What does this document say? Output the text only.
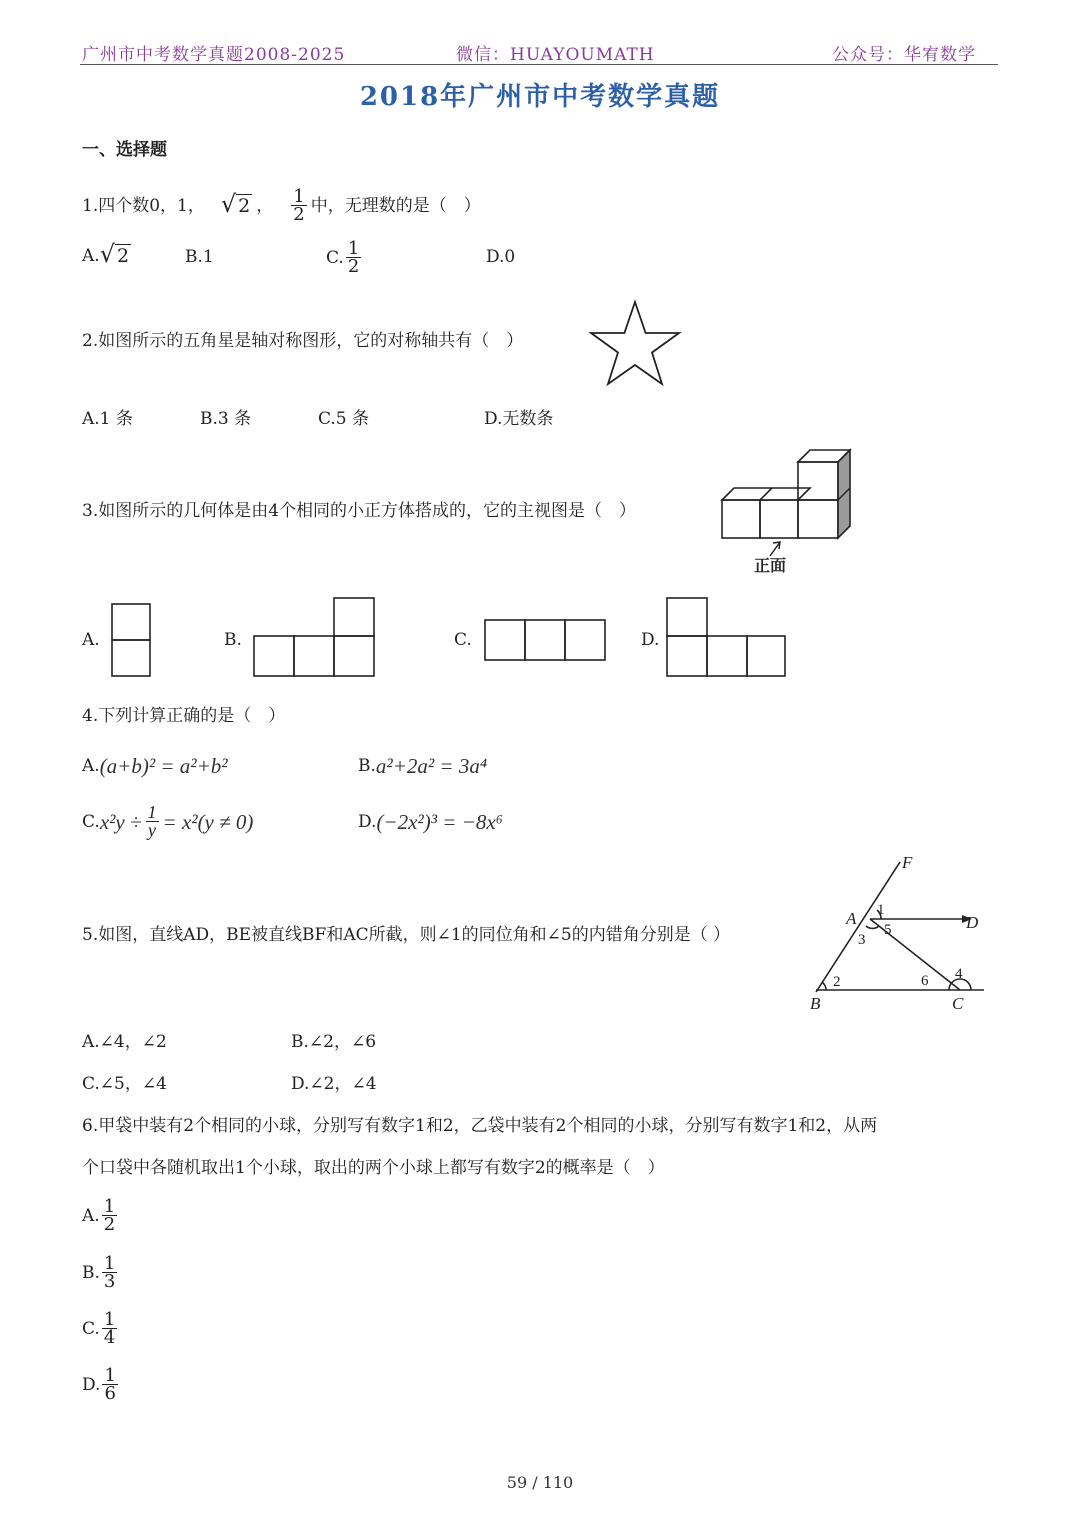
广州市中考数学真题2008-2025	微信：HUAYOUMATH	公众号：华宥数学
2018年广州市中考数学真题
一、选择题
1.四个数0，1， √ 2 ， $\frac{1}{2}$ 中，无理数的是（　）
A. √ 2	B.1	C. $\frac{1}{2}$	D.0
2.如图所示的五角星是轴对称图形，它的对称轴共有（　）
A.1 条	B.3 条	C.5 条	D.无数条
3.如图所示的几何体是由4个相同的小正方体搭成的，它的主视图是（　）
正面
A.	B.	C.	D.
4.下列计算正确的是（　）
A. (a+b)² = a²+b²	B. a²+2a² = 3a⁴
C. $x^2y \div \frac{1}{y} = x^2(y \ne 0)$	D. (−2x²)³ = −8x⁶
5.如图，直线AD，BE被直线BF和AC所截，则∠1的同位角和∠5的内错角分别是（ ）
F
A	D
B	C
1
2
3
4
5
6
A.∠4，∠2	B.∠2，∠6
C.∠5，∠4	D.∠2，∠4
6.甲袋中装有2个相同的小球，分别写有数字1和2，乙袋中装有2个相同的小球，分别写有数字1和2，从两
个口袋中各随机取出1个小球，取出的两个小球上都写有数字2的概率是（　）
A. $\frac{1}{2}$
B. $\frac{1}{3}$
C. $\frac{1}{4}$
D. $\frac{1}{6}$
59 / 110
